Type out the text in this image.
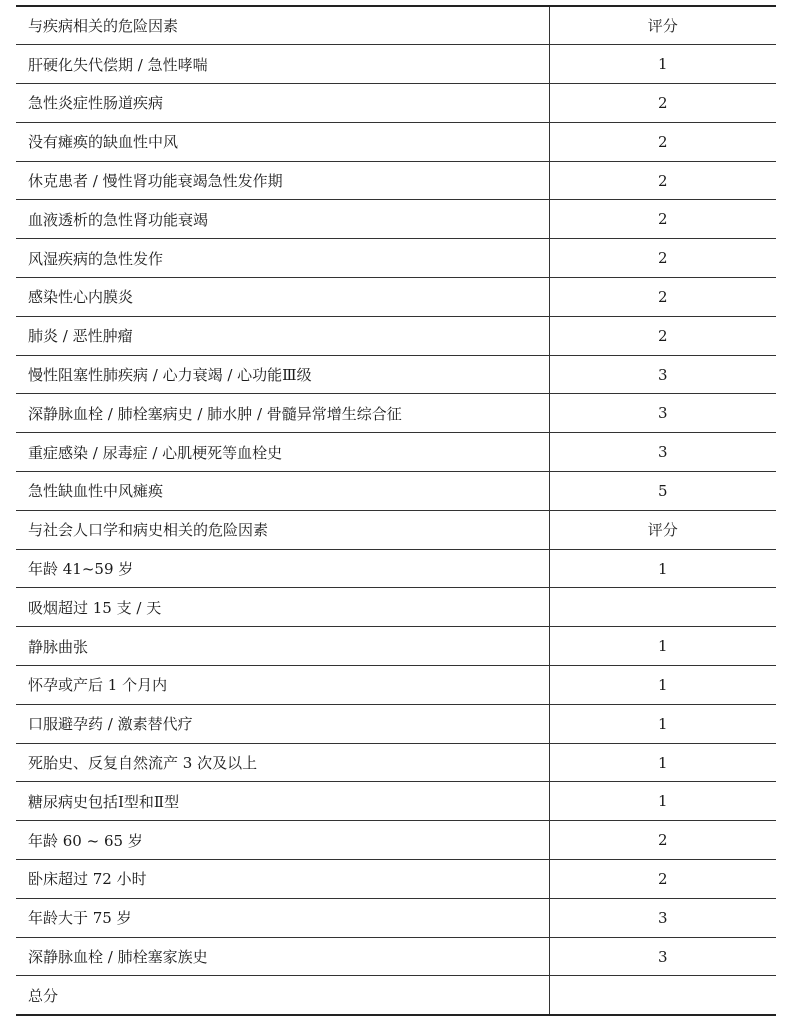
与疾病相关的危险因素	评分
肝硬化失代偿期 / 急性哮喘	1
急性炎症性肠道疾病	2
没有瘫痪的缺血性中风	2
休克患者 / 慢性肾功能衰竭急性发作期	2
血液透析的急性肾功能衰竭	2
风湿疾病的急性发作	2
感染性心内膜炎	2
肺炎 / 恶性肿瘤	2
慢性阻塞性肺疾病 / 心力衰竭 / 心功能Ⅲ级	3
深静脉血栓 / 肺栓塞病史 / 肺水肿 / 骨髓异常增生综合征	3
重症感染 / 尿毒症 / 心肌梗死等血栓史	3
急性缺血性中风瘫痪	5
与社会人口学和病史相关的危险因素	评分
年龄 41~59 岁	1
吸烟超过 15 支 / 天	
静脉曲张	1
怀孕或产后 1 个月内	1
口服避孕药 / 激素替代疗	1
死胎史、反复自然流产 3 次及以上	1
糖尿病史包括Ⅰ型和Ⅱ型	1
年龄 60 ~ 65 岁	2
卧床超过 72 小时	2
年龄大于 75 岁	3
深静脉血栓 / 肺栓塞家族史	3
总分	
